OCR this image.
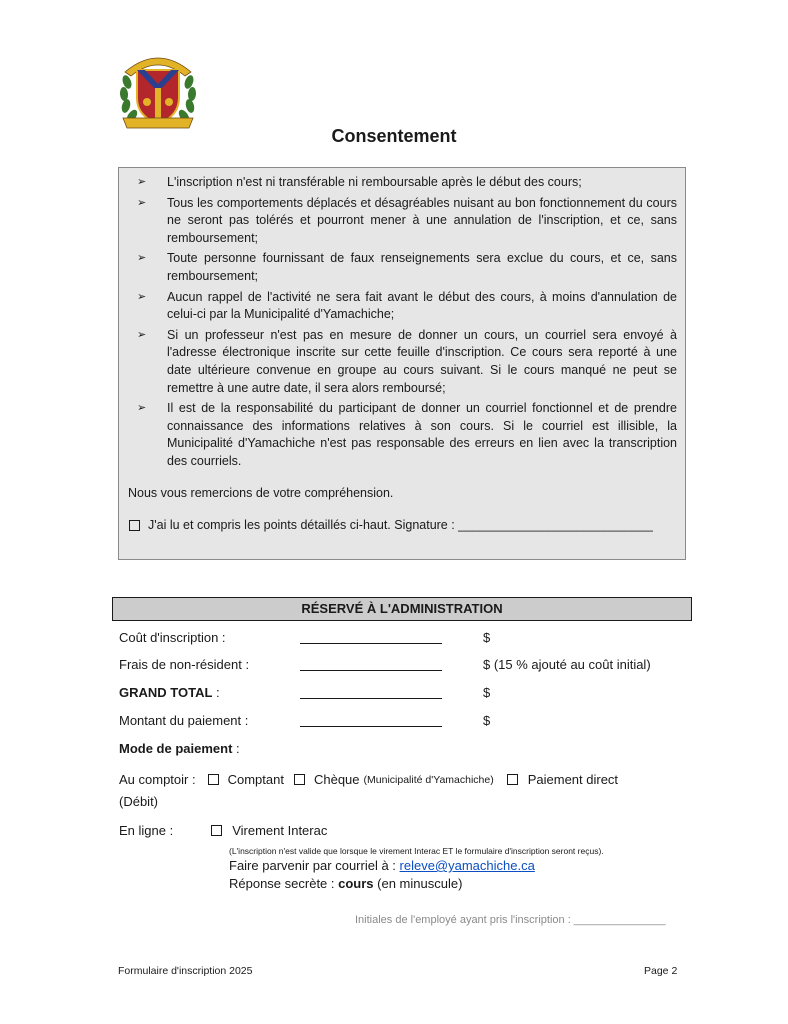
Consentement
➢ L'inscription n'est ni transférable ni remboursable après le début des cours;
➢ Tous les comportements déplacés et désagréables nuisant au bon fonctionnement du cours ne seront pas tolérés et pourront mener à une annulation de l'inscription, et ce, sans remboursement;
➢ Toute personne fournissant de faux renseignements sera exclue du cours, et ce, sans remboursement;
➢ Aucun rappel de l'activité ne sera fait avant le début des cours, à moins d'annulation de celui-ci par la Municipalité d'Yamachiche;
➢ Si un professeur n'est pas en mesure de donner un cours, un courriel sera envoyé à l'adresse électronique inscrite sur cette feuille d'inscription. Ce cours sera reporté à une date ultérieure convenue en groupe au cours suivant. Si le cours manqué ne peut se remettre à une autre date, il sera alors remboursé;
➢ Il est de la responsabilité du participant de donner un courriel fonctionnel et de prendre connaissance des informations relatives à son cours. Si le courriel est illisible, la Municipalité d'Yamachiche n'est pas responsable des erreurs en lien avec la transcription des courriels.
Nous vous remercions de votre compréhension.
J'ai lu et compris les points détaillés ci-haut. Signature : ____________________________
RÉSERVÉ À L'ADMINISTRATION
Coût d'inscription :	$
Frais de non-résident :	$ (15 % ajouté au coût initial)
GRAND TOTAL :	$
Montant du paiement :	$
Mode de paiement :
Au comptoir : Comptant Chèque (Municipalité d'Yamachiche)	Paiement direct
(Débit)
En ligne :	Virement Interac
(L'inscription n'est valide que lorsque le virement Interac ET le formulaire d'inscription seront reçus).
Faire parvenir par courriel à : releve@yamachiche.ca
Réponse secrète : cours (en minuscule)
Initiales de l'employé ayant pris l'inscription : _______________
Formulaire d'inscription 2025	Page 2
